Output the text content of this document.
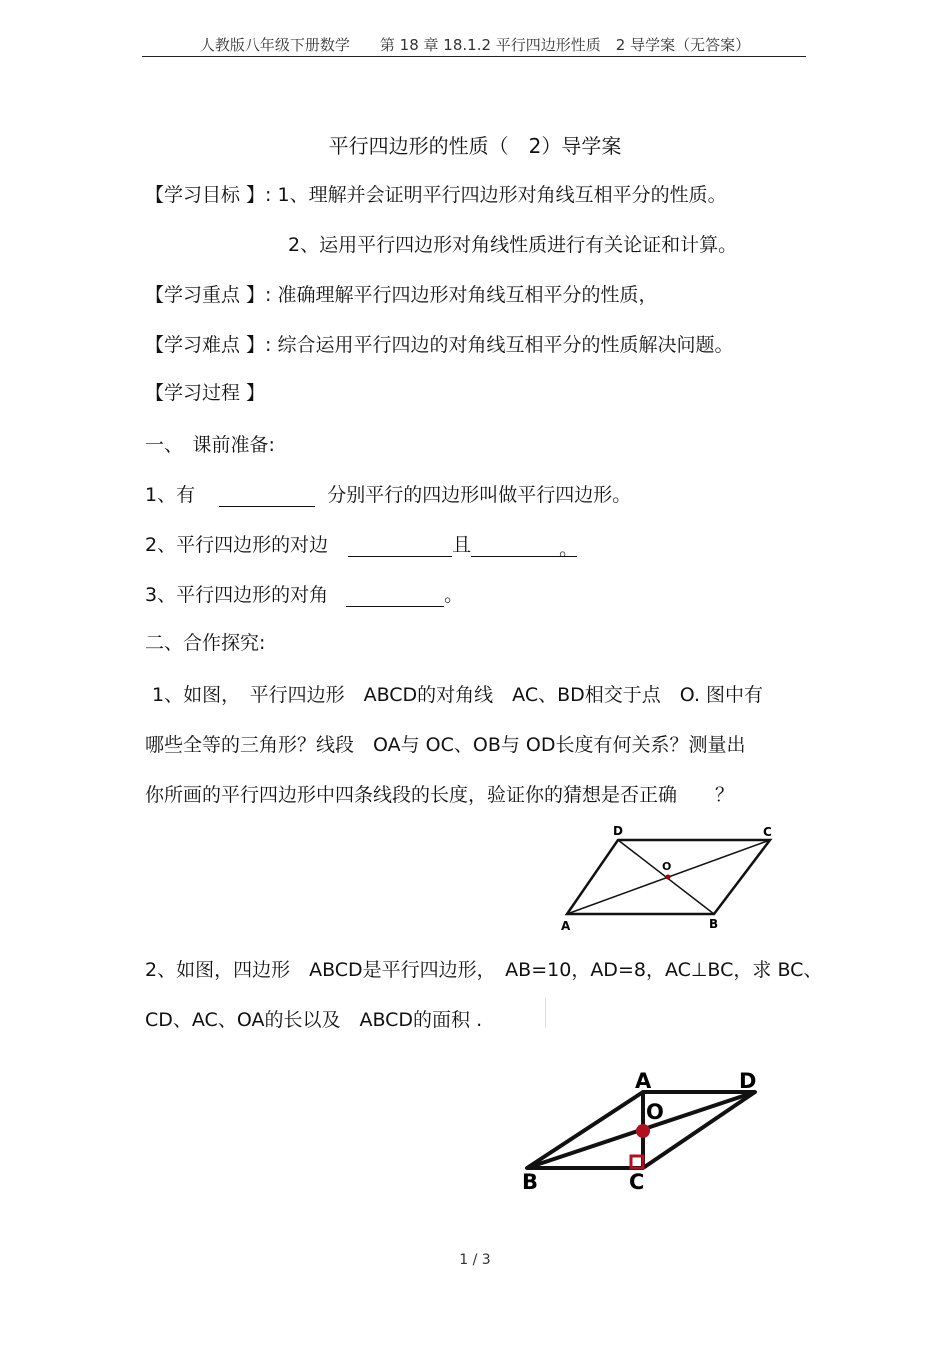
人教版八年级下册数学　　第 18 章 18.1.2 平行四边形性质　2 导学案（无答案）
平行四边形的性质（　2）导学案
【学习目标 】: 1、理解并会证明平行四边形对角线互相平分的性质。
2、运用平行四边形对角线性质进行有关论证和计算。
【学习重点 】: 准确理解平行四边形对角线互相平分的性质，
【学习难点 】: 综合运用平行四边的对角线互相平分的性质解决问题。
【学习过程 】
一、　课前准备:
1、有	分别平行的四边形叫做平行四边形。
2、平行四边形的对边	且	。
3、平行四边形的对角	。
二、合作探究:
1、如图，　平行四边形　ABCD的对角线　AC、BD相交于点　O. 图中有
哪些全等的三角形？线段　OA与 OC、OB与 OD长度有何关系？测量出
你所画的平行四边形中四条线段的长度，验证你的猜想是否正确　　？
A	B
C
D
O
2、如图，四边形　ABCD是平行四边形，　AB=10，AD=8，AC⊥BC，求 BC、
CD、AC、OA的长以及　ABCD的面积 .
A	D
O
B	C
1 / 3
